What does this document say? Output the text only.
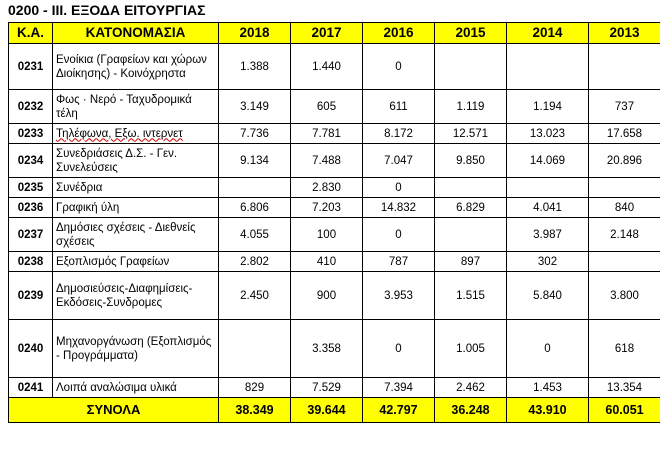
0200 - III. ΕΞΟΔΑ ΕΙΤΟΥΡΓΙΑΣ
Κ.Α.	ΚΑΤΟΝΟΜΑΣΙΑ	2018	2017	2016	2015	2014	2013
0231	Ενοίκια (Γραφείων και χώρων Διοίκησης) - Κοινόχρηστα	1.388	1.440	0			
0232	Φως · Νερό - Ταχυδρομικά τέλη	3.149	605	611	1.119	1.194	737
0233	Τηλέφωνα, Εξω. ιντερνετ	7.736	7.781	8.172	12.571	13.023	17.658
0234	Συνεδριάσεις Δ.Σ. - Γεν. Συνελεύσεις	9.134	7.488	7.047	9.850	14.069	20.896
0235	Συνέδρια		2.830	0			
0236	Γραφική ύλη	6.806	7.203	14.832	6.829	4.041	840
0237	Δημόσιες σχέσεις - Διεθνείς σχέσεις	4.055	100	0		3.987	2.148
0238	Εξοπλισμός Γραφείων	2.802	410	787	897	302	
0239	Δημοσιεύσεις-Διαφημίσεις-Εκδόσεις-Συνδρομες	2.450	900	3.953	1.515	5.840	3.800
0240	Μηχανοργάνωση (Εξοπλισμός - Προγράμματα)		3.358	0	1.005	0	618
0241	Λοιπά αναλώσιμα υλικά	829	7.529	7.394	2.462	1.453	13.354
ΣΥΝΟΛΑ		38.349	39.644	42.797	36.248	43.910	60.051
